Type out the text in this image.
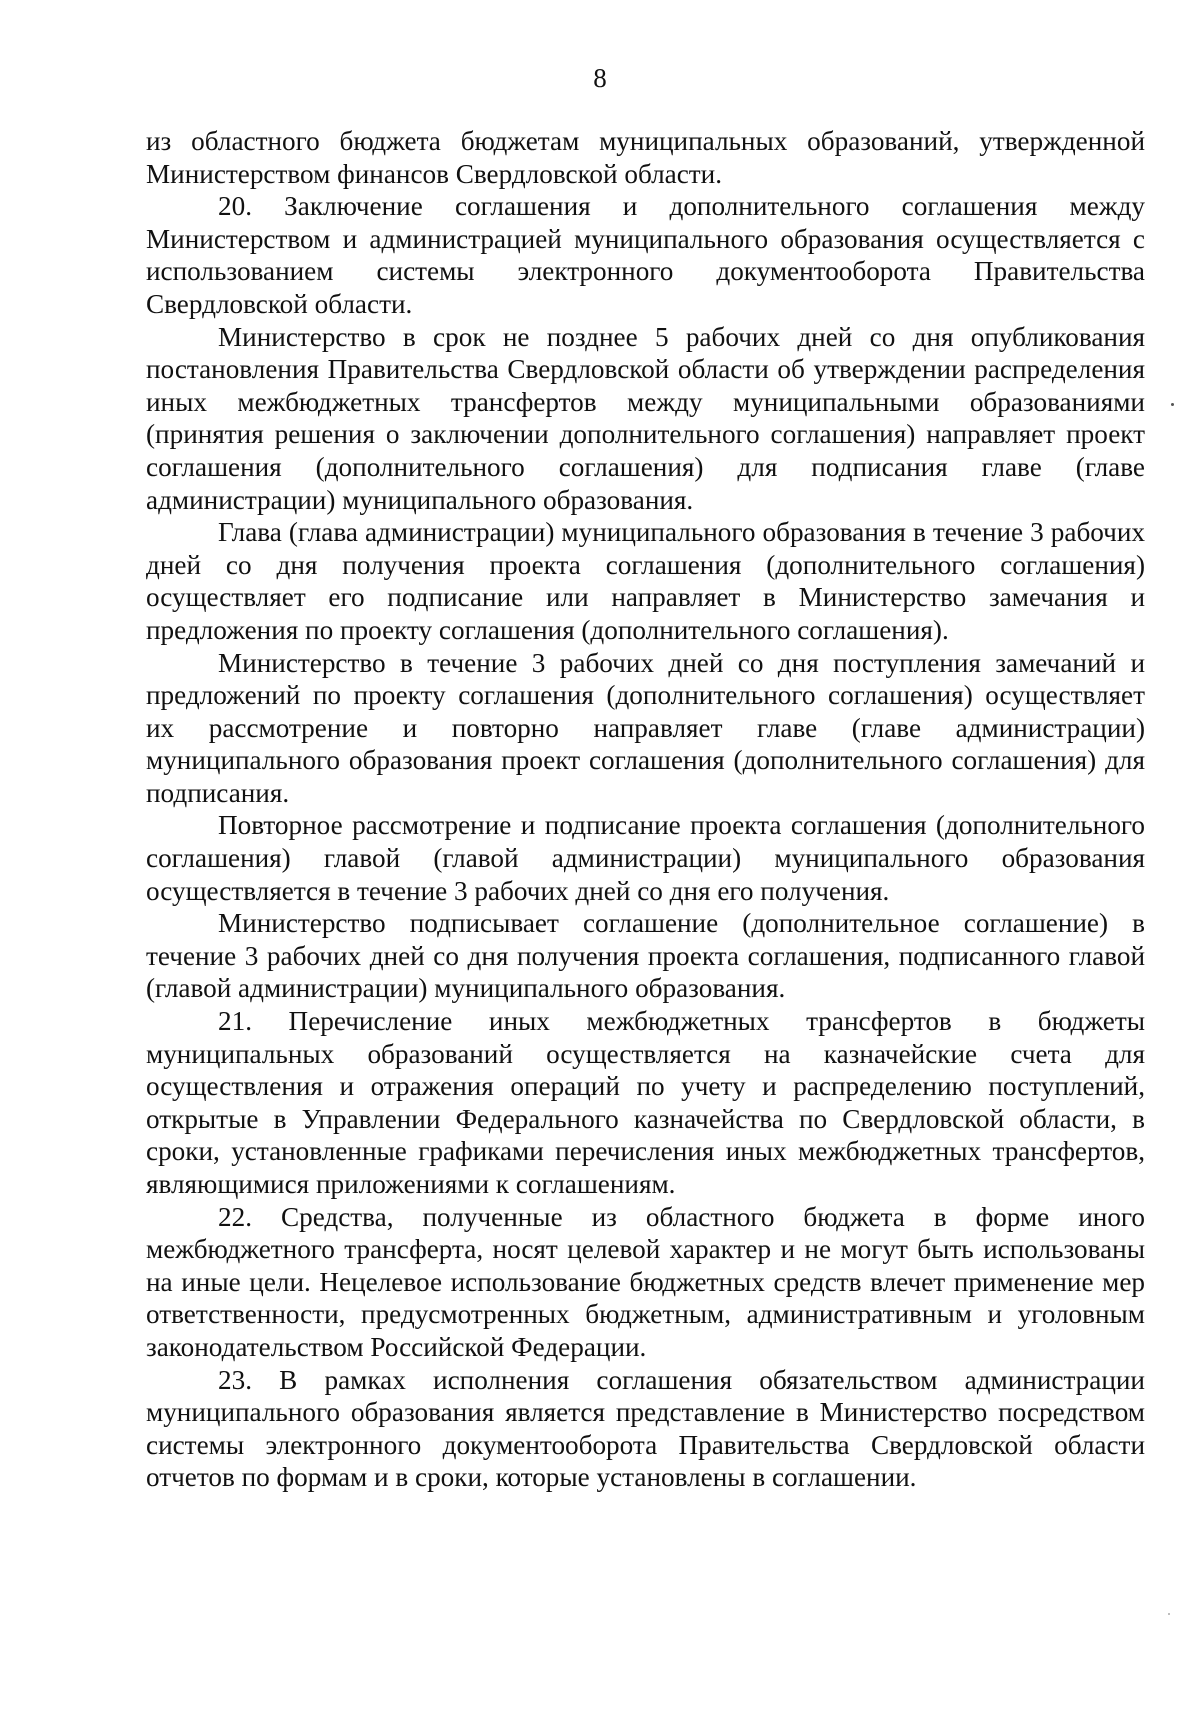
8

из областного бюджета бюджетам муниципальных образований, утвержденной Министерством финансов Свердловской области.

20. Заключение соглашения и дополнительного соглашения между Министерством и администрацией муниципального образования осуществляется с использованием системы электронного документооборота Правительства Свердловской области.

Министерство в срок не позднее 5 рабочих дней со дня опубликования постановления Правительства Свердловской области об утверждении распределения иных межбюджетных трансфертов между муниципальными образованиями (принятия решения о заключении дополнительного соглашения) направляет проект соглашения (дополнительного соглашения) для подписания главе (главе администрации) муниципального образования.

Глава (глава администрации) муниципального образования в течение 3 рабочих дней со дня получения проекта соглашения (дополнительного соглашения) осуществляет его подписание или направляет в Министерство замечания и предложения по проекту соглашения (дополнительного соглашения).

Министерство в течение 3 рабочих дней со дня поступления замечаний и предложений по проекту соглашения (дополнительного соглашения) осуществляет их рассмотрение и повторно направляет главе (главе администрации) муниципального образования проект соглашения (дополнительного соглашения) для подписания.

Повторное рассмотрение и подписание проекта соглашения (дополнительного соглашения) главой (главой администрации) муниципального образования осуществляется в течение 3 рабочих дней со дня его получения.

Министерство подписывает соглашение (дополнительное соглашение) в течение 3 рабочих дней со дня получения проекта соглашения, подписанного главой (главой администрации) муниципального образования.

21. Перечисление иных межбюджетных трансфертов в бюджеты муниципальных образований осуществляется на казначейские счета для осуществления и отражения операций по учету и распределению поступлений, открытые в Управлении Федерального казначейства по Свердловской области, в сроки, установленные графиками перечисления иных межбюджетных трансфертов, являющимися приложениями к соглашениям.

22. Средства, полученные из областного бюджета в форме иного межбюджетного трансферта, носят целевой характер и не могут быть использованы на иные цели. Нецелевое использование бюджетных средств влечет применение мер ответственности, предусмотренных бюджетным, административным и уголовным законодательством Российской Федерации.

23. В рамках исполнения соглашения обязательством администрации муниципального образования является представление в Министерство посредством системы электронного документооборота Правительства Свердловской области отчетов по формам и в сроки, которые установлены в соглашении.
